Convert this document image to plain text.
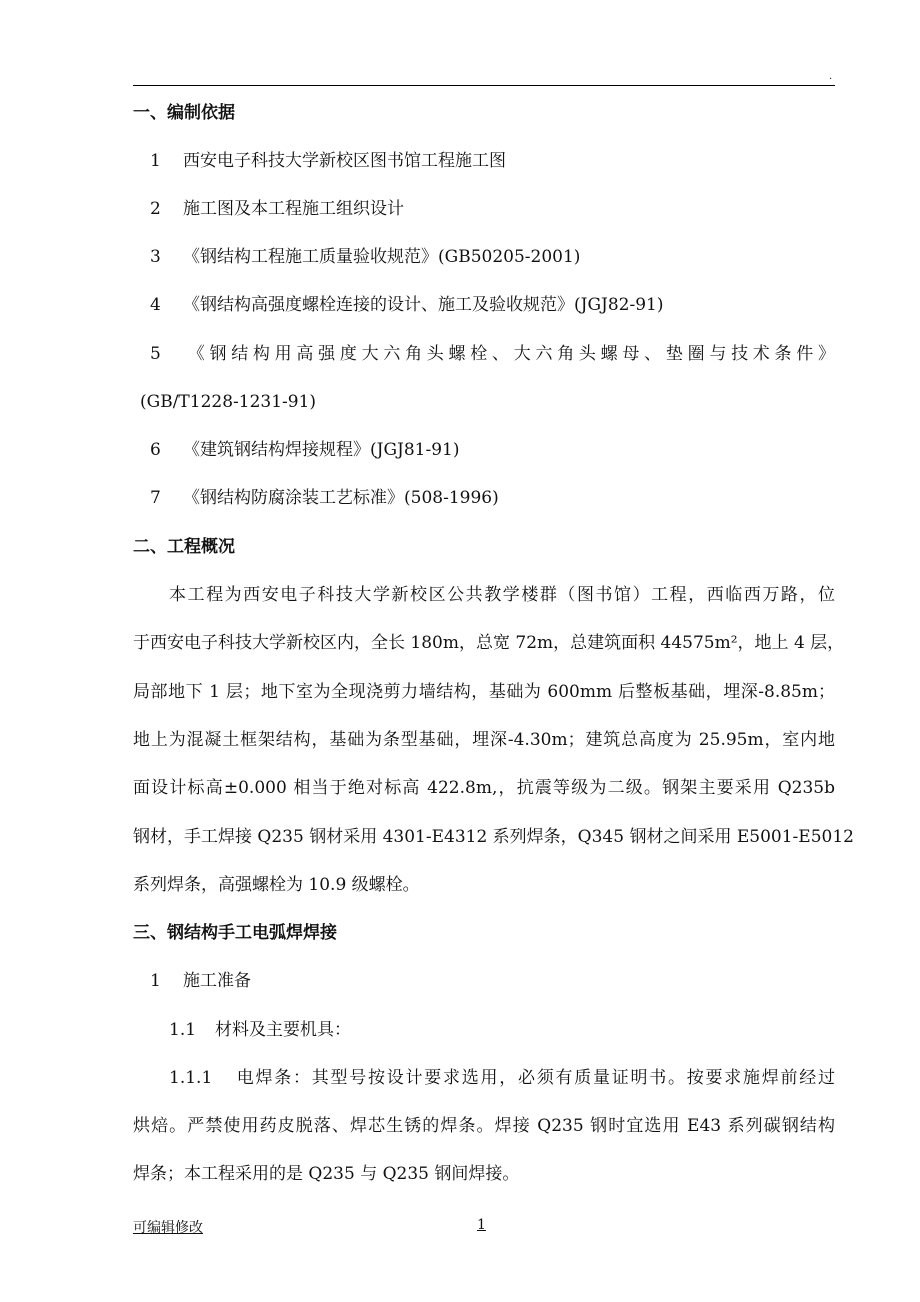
.
一、编制依据
1 西安电子科技大学新校区图书馆工程施工图
2 施工图及本工程施工组织设计
3 《钢结构工程施工质量验收规范》(GB50205-2001)
4 《钢结构高强度螺栓连接的设计、施工及验收规范》(JGJ82-91)
5 《钢结构用高强度大六角头螺栓、大六角头螺母、垫圈与技术条件》
(GB/T1228-1231-91)
6 《建筑钢结构焊接规程》(JGJ81-91)
7 《钢结构防腐涂装工艺标准》(508-1996)
二、工程概况
本工程为西安电子科技大学新校区公共教学楼群（图书馆）工程，西临西万路，位
于西安电子科技大学新校区内，全长 180m，总宽 72m，总建筑面积 44575m²，地上 4 层，
局部地下 1 层；地下室为全现浇剪力墙结构，基础为 600mm 后整板基础，埋深-8.85m；
地上为混凝土框架结构，基础为条型基础，埋深-4.30m；建筑总高度为 25.95m，室内地
面设计标高±0.000 相当于绝对标高 422.8m,，抗震等级为二级。钢架主要采用 Q235b
钢材，手工焊接 Q235 钢材采用 4301-E4312 系列焊条，Q345 钢材之间采用 E5001-E5012
系列焊条，高强螺栓为 10.9 级螺栓。
三、钢结构手工电弧焊焊接
1 施工准备
1.1 材料及主要机具：
1.1.1 电焊条：其型号按设计要求选用，必须有质量证明书。按要求施焊前经过
烘焙。严禁使用药皮脱落、焊芯生锈的焊条。焊接 Q235 钢时宜选用 E43 系列碳钢结构
焊条；本工程采用的是 Q235 与 Q235 钢间焊接。
可编辑修改	1
